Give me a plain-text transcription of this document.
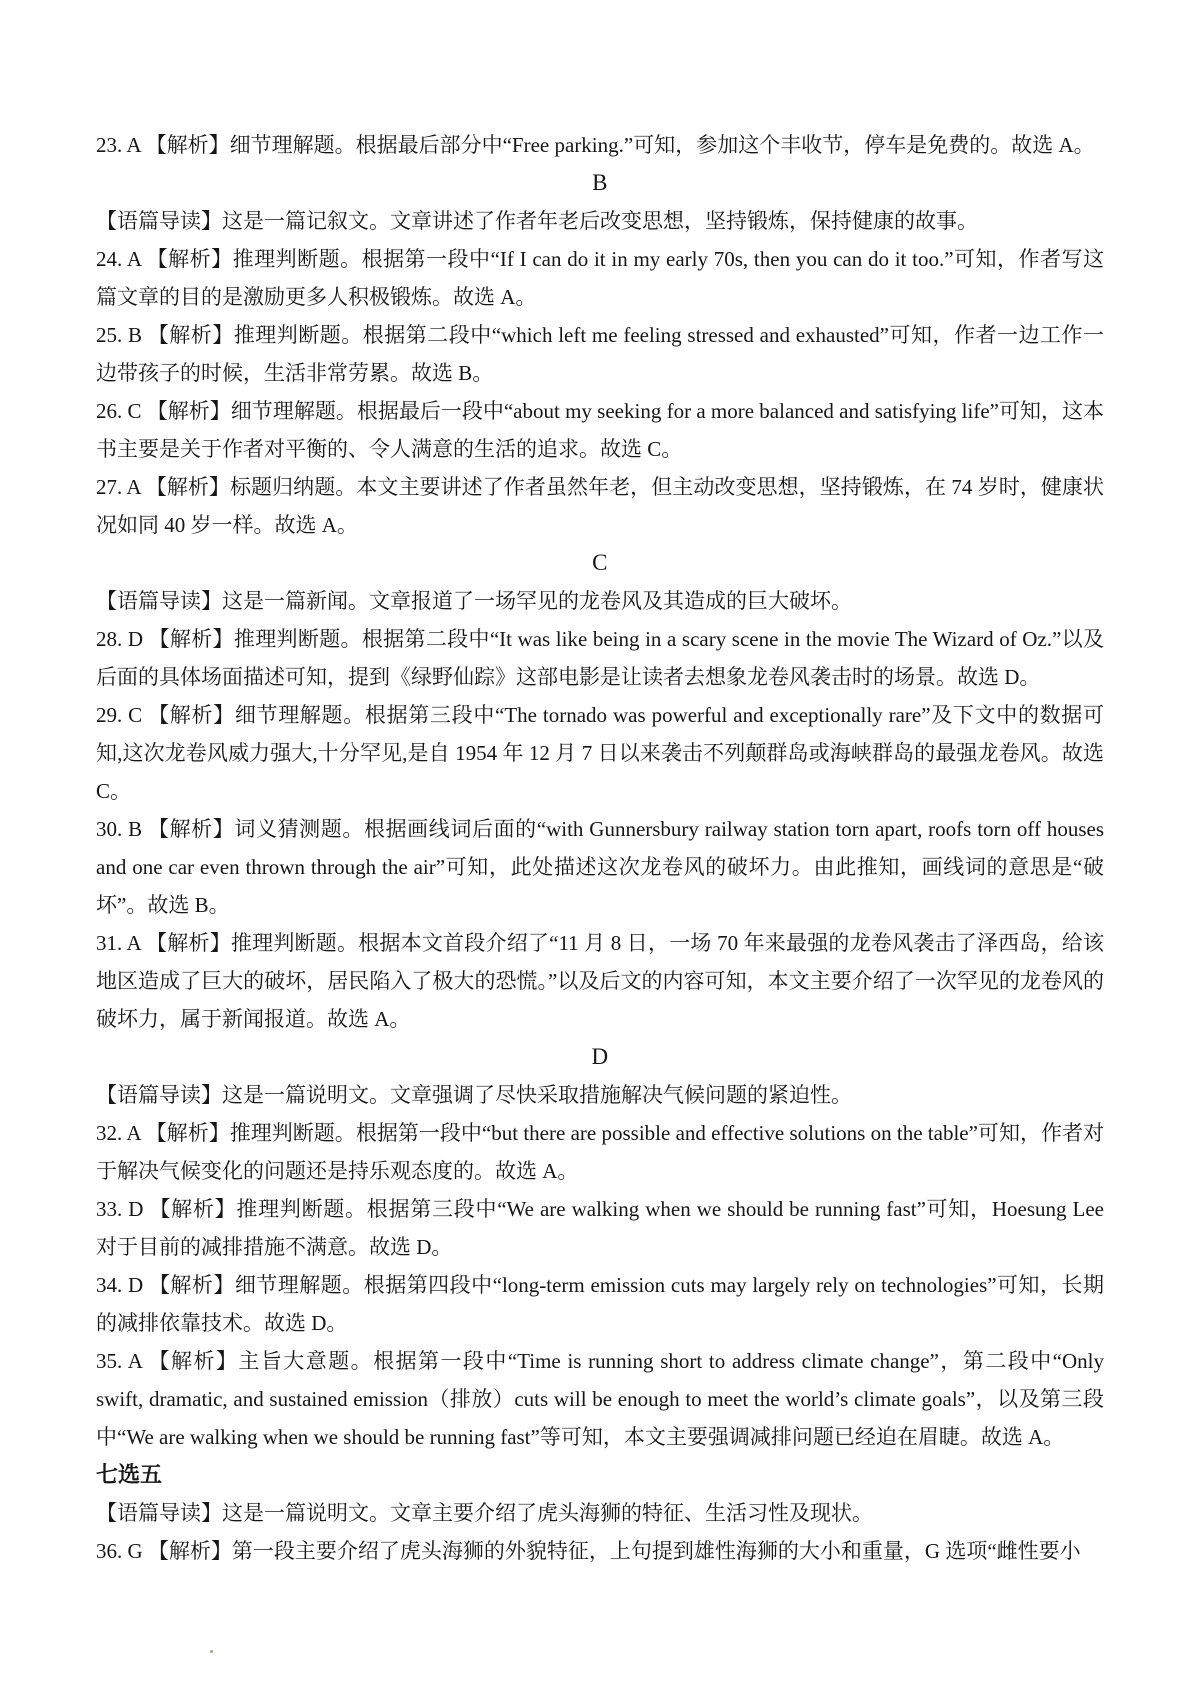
23. A 【解析】细节理解题。根据最后部分中“Free parking.”可知，参加这个丰收节，停车是免费的。故选 A。

B

【语篇导读】这是一篇记叙文。文章讲述了作者年老后改变思想，坚持锻炼，保持健康的故事。

24. A 【解析】推理判断题。根据第一段中“If I can do it in my early 70s, then you can do it too.”可知，作者写这篇文章的目的是激励更多人积极锻炼。故选 A。

25. B 【解析】推理判断题。根据第二段中“which left me feeling stressed and exhausted”可知，作者一边工作一边带孩子的时候，生活非常劳累。故选 B。

26. C 【解析】细节理解题。根据最后一段中“about my seeking for a more balanced and satisfying life”可知，这本书主要是关于作者对平衡的、令人满意的生活的追求。故选 C。

27. A 【解析】标题归纳题。本文主要讲述了作者虽然年老，但主动改变思想，坚持锻炼，在 74 岁时，健康状况如同 40 岁一样。故选 A。

C

【语篇导读】这是一篇新闻。文章报道了一场罕见的龙卷风及其造成的巨大破坏。

28. D 【解析】推理判断题。根据第二段中“It was like being in a scary scene in the movie The Wizard of Oz.”以及后面的具体场面描述可知，提到《绿野仙踪》这部电影是让读者去想象龙卷风袭击时的场景。故选 D。

29. C 【解析】细节理解题。根据第三段中“The tornado was powerful and exceptionally rare”及下文中的数据可知,这次龙卷风威力强大,十分罕见,是自 1954 年 12 月 7 日以来袭击不列颠群岛或海峡群岛的最强龙卷风。故选 C。

30. B 【解析】词义猜测题。根据画线词后面的“with Gunnersbury railway station torn apart, roofs torn off houses and one car even thrown through the air”可知，此处描述这次龙卷风的破坏力。由此推知，画线词的意思是“破坏”。故选 B。

31. A 【解析】推理判断题。根据本文首段介绍了“11 月 8 日，一场 70 年来最强的龙卷风袭击了泽西岛，给该地区造成了巨大的破坏，居民陷入了极大的恐慌。”以及后文的内容可知，本文主要介绍了一次罕见的龙卷风的破坏力，属于新闻报道。故选 A。

D

【语篇导读】这是一篇说明文。文章强调了尽快采取措施解决气候问题的紧迫性。

32. A 【解析】推理判断题。根据第一段中“but there are possible and effective solutions on the table”可知，作者对于解决气候变化的问题还是持乐观态度的。故选 A。

33. D 【解析】推理判断题。根据第三段中“We are walking when we should be running fast”可知，Hoesung Lee 对于目前的减排措施不满意。故选 D。

34. D 【解析】细节理解题。根据第四段中“long-term emission cuts may largely rely on technologies”可知，长期的减排依靠技术。故选 D。

35. A 【解析】主旨大意题。根据第一段中“Time is running short to address climate change”，第二段中“Only swift, dramatic, and sustained emission（排放）cuts will be enough to meet the world’s climate goals”，以及第三段中“We are walking when we should be running fast”等可知，本文主要强调减排问题已经迫在眉睫。故选 A。

七选五

【语篇导读】这是一篇说明文。文章主要介绍了虎头海狮的特征、生活习性及现状。

36. G 【解析】第一段主要介绍了虎头海狮的外貌特征，上句提到雄性海狮的大小和重量，G 选项“雌性要小
